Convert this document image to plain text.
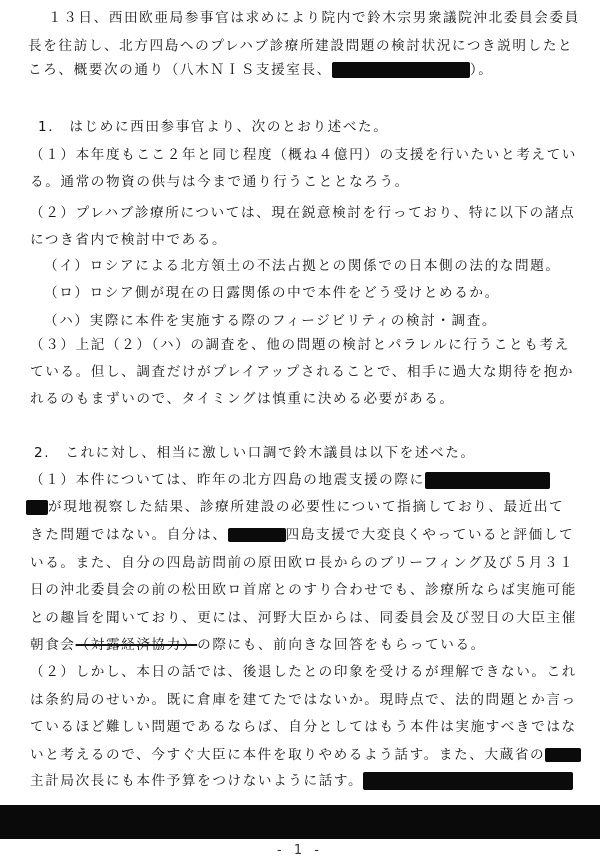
１３日、西田欧亜局参事官は求めにより院内で鈴木宗男衆議院沖北委員会委員
長を往訪し、北方四島へのプレハブ診療所建設問題の検討状況につき説明したと
ころ、概要次の通り（八木ＮＩＳ支援室長、	）。
1.　はじめに西田参事官より、次のとおり述べた。
（１）本年度もここ２年と同じ程度（概ね４億円）の支援を行いたいと考えてい
る。通常の物資の供与は今まで通り行うこととなろう。
（２）プレハブ診療所については、現在鋭意検討を行っており、特に以下の諸点
につき省内で検討中である。
（イ）ロシアによる北方領土の不法占拠との関係での日本側の法的な問題。
（ロ）ロシア側が現在の日露関係の中で本件をどう受けとめるか。
（ハ）実際に本件を実施する際のフィージビリティの検討・調査。
（３）上記（２）（ハ）の調査を、他の問題の検討とパラレルに行うことも考え
ている。但し、調査だけがプレイアップされることで、相手に過大な期待を抱か
れるのもまずいので、タイミングは慎重に決める必要がある。
2.　これに対し、相当に激しい口調で鈴木議員は以下を述べた。
（１）本件については、昨年の北方四島の地震支援の際に
が現地視察した結果、診療所建設の必要性について指摘しており、最近出て
きた問題ではない。自分は、	四島支援で大変良くやっていると評価して
いる。また、自分の四島訪問前の原田欧ロ長からのブリーフィング及び５月３１
日の沖北委員会の前の松田欧ロ首席とのすり合わせでも、診療所ならば実施可能
との趣旨を聞いており、更には、河野大臣からは、同委員会及び翌日の大臣主催
朝食会（対露経済協力）の際にも、前向きな回答をもらっている。
（２）しかし、本日の話では、後退したとの印象を受けるが理解できない。これ
は条約局のせいか。既に倉庫を建てたではないか。現時点で、法的問題とか言っ
ているほど難しい問題であるならば、自分としてはもう本件は実施すべきではな
いと考えるので、今すぐ大臣に本件を取りやめるよう話す。また、大蔵省の
主計局次長にも本件予算をつけないように話す。
- 1 -
